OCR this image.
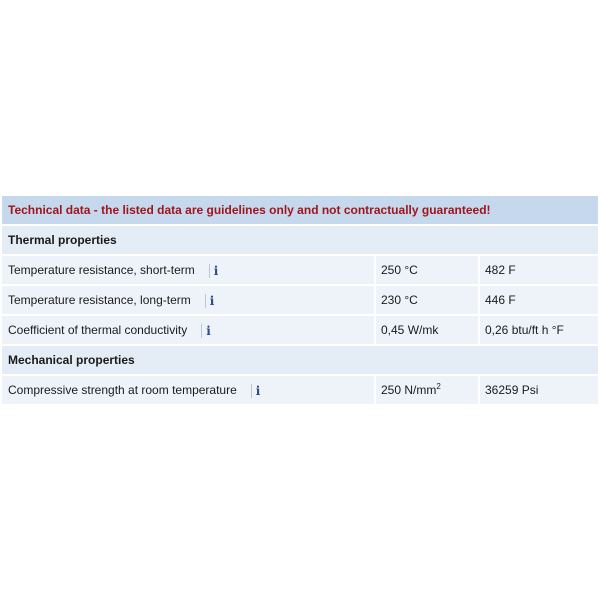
Technical data - the listed data are guidelines only and not contractually guaranteed!
Thermal properties
Temperature resistance, short-term i	250 °C	482 F
Temperature resistance, long-term i	230 °C	446 F
Coefficient of thermal conductivity i	0,45 W/mk	0,26 btu/ft h °F
Mechanical properties
Compressive strength at room temperature i	250 $N/mm^2$	36259 Psi
